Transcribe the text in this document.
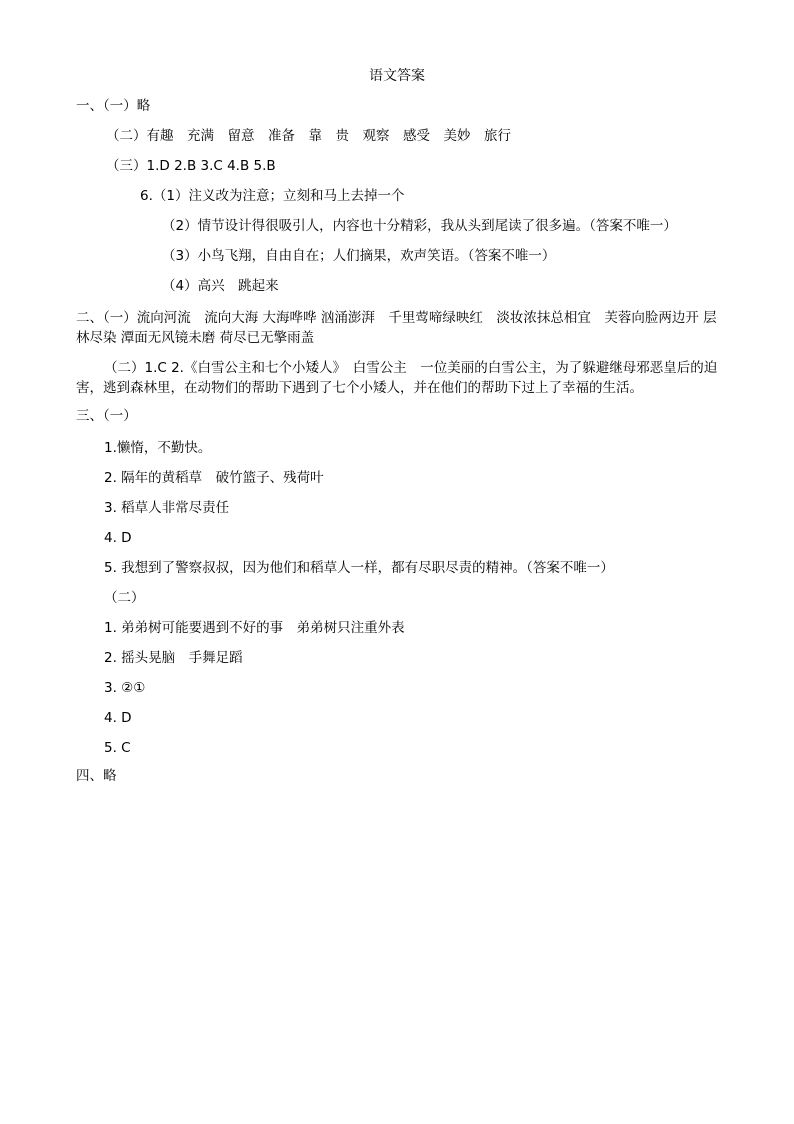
语文答案
一、（一）略
（二）有趣　充满　留意　准备　靠　贵　观察　感受　美妙　旅行
（三）1.D 2.B 3.C 4.B 5.B
6.（1）注义改为注意；立刻和马上去掉一个
（2）情节设计得很吸引人，内容也十分精彩，我从头到尾读了很多遍。（答案不唯一）
（3）小鸟飞翔，自由自在；人们摘果，欢声笑语。（答案不唯一）
（4）高兴　跳起来
二、（一）流向河流　流向大海 大海哗哗 汹涌澎湃　千里莺啼绿映红　淡妆浓抹总相宜　芙蓉向脸两边开 层林尽染 潭面无风镜未磨 荷尽已无擎雨盖
（二）1.C 2.《白雪公主和七个小矮人》　白雪公主　一位美丽的白雪公主，为了躲避继母邪恶皇后的迫害，逃到森林里，在动物们的帮助下遇到了七个小矮人，并在他们的帮助下过上了幸福的生活。
三、（一）
1.懒惰，不勤快。
2. 隔年的黄稻草　破竹篮子、残荷叶
3. 稻草人非常尽责任
4. D
5. 我想到了警察叔叔，因为他们和稻草人一样，都有尽职尽责的精神。（答案不唯一）
（二）
1. 弟弟树可能要遇到不好的事　弟弟树只注重外表
2. 摇头晃脑　手舞足蹈
3. ②①
4. D
5. C
四、略
